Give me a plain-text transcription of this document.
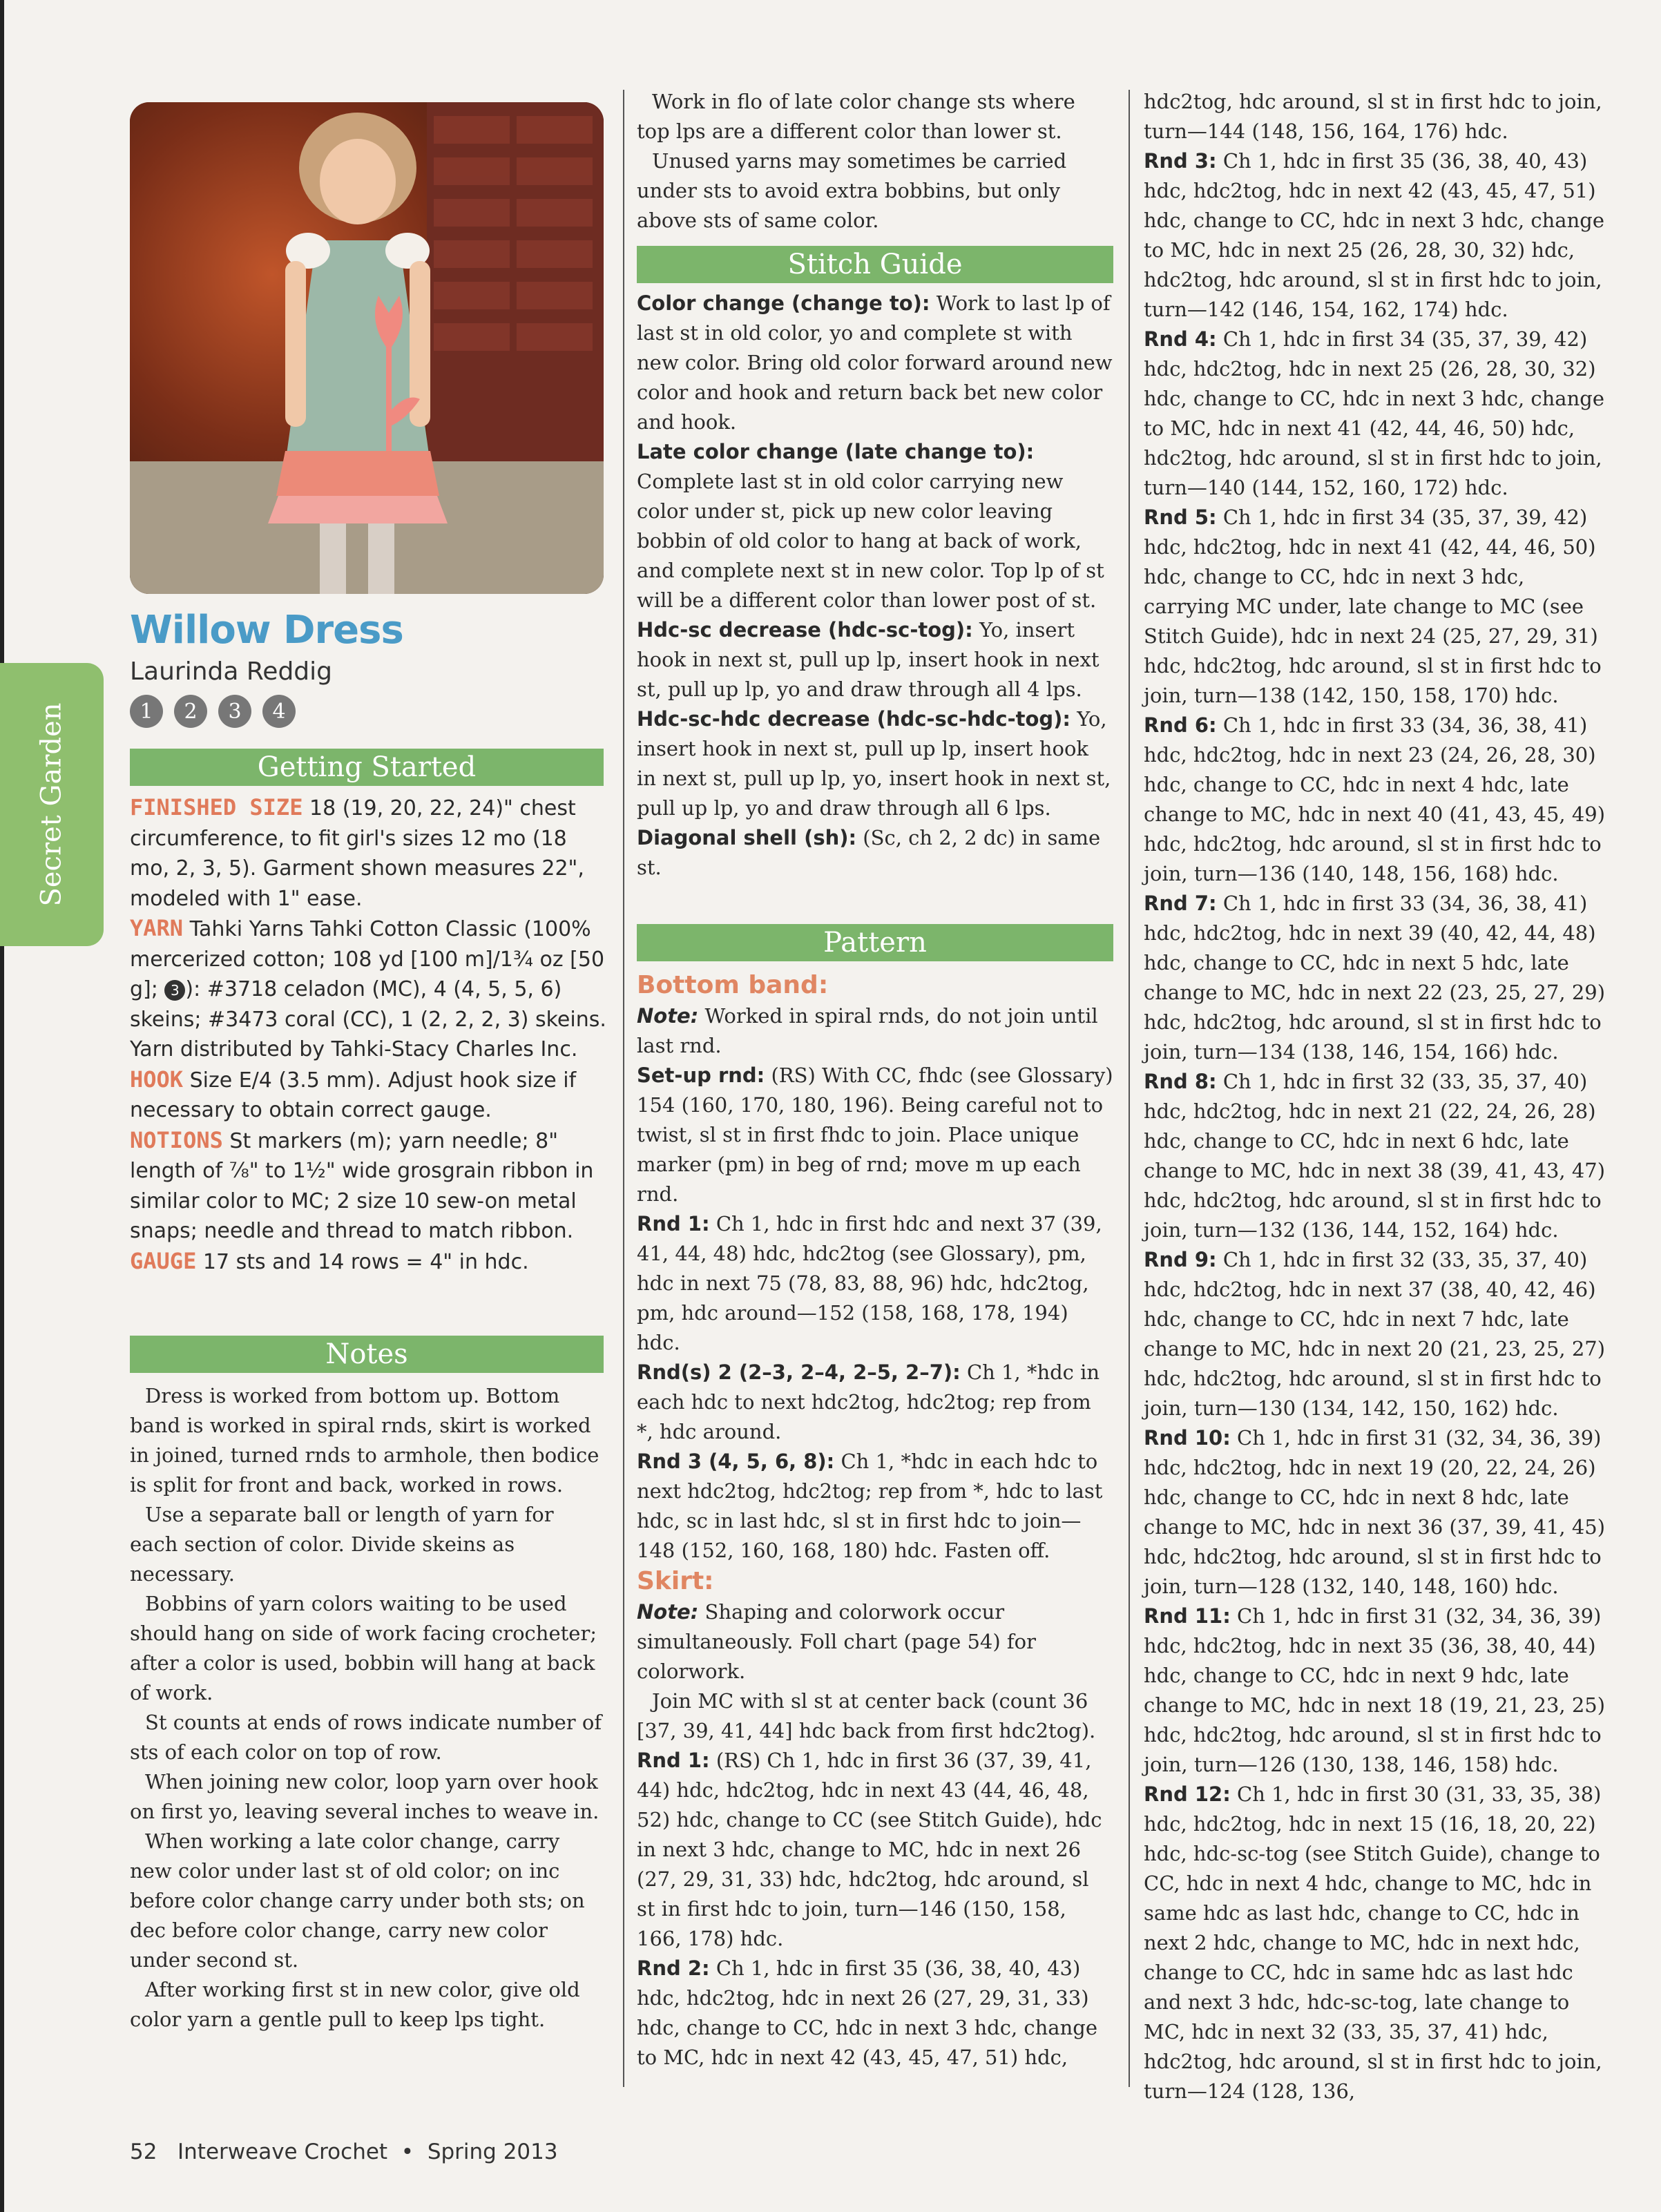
Secret Garden
Willow Dress
Laurinda Reddig
1	2	3	4
Getting Started

FINISHED SIZE 18 (19, 20, 22, 24)" chest circumference, to fit girl's sizes 12 mo (18 mo, 2, 3, 5). Garment shown measures 22", modeled with 1" ease.

YARN Tahki Yarns Tahki Cotton Classic (100% mercerized cotton; 108 yd [100 m]/1¾ oz [50 g]; 3 ): #3718 celadon (MC), 4 (4, 5, 5, 6) skeins; #3473 coral (CC), 1 (2, 2, 2, 3) skeins. Yarn distributed by Tahki-Stacy Charles Inc.

HOOK Size E/4 (3.5 mm). Adjust hook size if necessary to obtain correct gauge.

NOTIONS St markers (m); yarn needle; 8" length of ⅞" to 1½" wide grosgrain ribbon in similar color to MC; 2 size 10 sew-on metal snaps; needle and thread to match ribbon.

GAUGE 17 sts and 14 rows = 4" in hdc.

Notes

Dress is worked from bottom up. Bottom band is worked in spiral rnds, skirt is worked in joined, turned rnds to armhole, then bodice is split for front and back, worked in rows.

Use a separate ball or length of yarn for each section of color. Divide skeins as necessary.

Bobbins of yarn colors waiting to be used should hang on side of work facing crocheter; after a color is used, bobbin will hang at back of work.

St counts at ends of rows indicate number of sts of each color on top of row.

When joining new color, loop yarn over hook on first yo, leaving several inches to weave in.

When working a late color change, carry new color under last st of old color; on inc before color change carry under both sts; on dec before color change, carry new color under second st.

After working first st in new color, give old color yarn a gentle pull to keep lps tight.

Work in flo of late color change sts where top lps are a different color than lower st.

Unused yarns may sometimes be carried under sts to avoid extra bobbins, but only above sts of same color.

Stitch Guide

Color change (change to): Work to last lp of last st in old color, yo and complete st with new color. Bring old color forward around new color and hook and return back bet new color and hook.

Late color change (late change to): Complete last st in old color carrying new color under st, pick up new color leaving bobbin of old color to hang at back of work, and complete next st in new color. Top lp of st will be a different color than lower post of st.

Hdc-sc decrease (hdc-sc-tog): Yo, insert hook in next st, pull up lp, insert hook in next st, pull up lp, yo and draw through all 4 lps.

Hdc-sc-hdc decrease (hdc-sc-hdc-tog): Yo, insert hook in next st, pull up lp, insert hook in next st, pull up lp, yo, insert hook in next st, pull up lp, yo and draw through all 6 lps.

Diagonal shell (sh): (Sc, ch 2, 2 dc) in same st.

Pattern

Bottom band:

Note: Worked in spiral rnds, do not join until last rnd.

Set-up rnd: (RS) With CC, fhdc (see Glossary) 154 (160, 170, 180, 196). Being careful not to twist, sl st in first fhdc to join. Place unique marker (pm) in beg of rnd; move m up each rnd.

Rnd 1: Ch 1, hdc in first hdc and next 37 (39, 41, 44, 48) hdc, hdc2tog (see Glossary), pm, hdc in next 75 (78, 83, 88, 96) hdc, hdc2tog, pm, hdc around—152 (158, 168, 178, 194) hdc.

Rnd(s) 2 (2–3, 2–4, 2–5, 2–7): Ch 1, *hdc in each hdc to next hdc2tog, hdc2tog; rep from *, hdc around.

Rnd 3 (4, 5, 6, 8): Ch 1, *hdc in each hdc to next hdc2tog, hdc2tog; rep from *, hdc to last hdc, sc in last hdc, sl st in first hdc to join—148 (152, 160, 168, 180) hdc. Fasten off.

Skirt:

Note: Shaping and colorwork occur simultaneously. Foll chart (page 54) for colorwork.

Join MC with sl st at center back (count 36 [37, 39, 41, 44] hdc back from first hdc2tog).

Rnd 1: (RS) Ch 1, hdc in first 36 (37, 39, 41, 44) hdc, hdc2tog, hdc in next 43 (44, 46, 48, 52) hdc, change to CC (see Stitch Guide), hdc in next 3 hdc, change to MC, hdc in next 26 (27, 29, 31, 33) hdc, hdc2tog, hdc around, sl st in first hdc to join, turn—146 (150, 158, 166, 178) hdc.

Rnd 2: Ch 1, hdc in first 35 (36, 38, 40, 43) hdc, hdc2tog, hdc in next 26 (27, 29, 31, 33) hdc, change to CC, hdc in next 3 hdc, change to MC, hdc in next 42 (43, 45, 47, 51) hdc,

hdc2tog, hdc around, sl st in first hdc to join, turn—144 (148, 156, 164, 176) hdc.

Rnd 3: Ch 1, hdc in first 35 (36, 38, 40, 43) hdc, hdc2tog, hdc in next 42 (43, 45, 47, 51) hdc, change to CC, hdc in next 3 hdc, change to MC, hdc in next 25 (26, 28, 30, 32) hdc, hdc2tog, hdc around, sl st in first hdc to join, turn—142 (146, 154, 162, 174) hdc.

Rnd 4: Ch 1, hdc in first 34 (35, 37, 39, 42) hdc, hdc2tog, hdc in next 25 (26, 28, 30, 32) hdc, change to CC, hdc in next 3 hdc, change to MC, hdc in next 41 (42, 44, 46, 50) hdc, hdc2tog, hdc around, sl st in first hdc to join, turn—140 (144, 152, 160, 172) hdc.

Rnd 5: Ch 1, hdc in first 34 (35, 37, 39, 42) hdc, hdc2tog, hdc in next 41 (42, 44, 46, 50) hdc, change to CC, hdc in next 3 hdc, carrying MC under, late change to MC (see Stitch Guide), hdc in next 24 (25, 27, 29, 31) hdc, hdc2tog, hdc around, sl st in first hdc to join, turn—138 (142, 150, 158, 170) hdc.

Rnd 6: Ch 1, hdc in first 33 (34, 36, 38, 41) hdc, hdc2tog, hdc in next 23 (24, 26, 28, 30) hdc, change to CC, hdc in next 4 hdc, late change to MC, hdc in next 40 (41, 43, 45, 49) hdc, hdc2tog, hdc around, sl st in first hdc to join, turn—136 (140, 148, 156, 168) hdc.

Rnd 7: Ch 1, hdc in first 33 (34, 36, 38, 41) hdc, hdc2tog, hdc in next 39 (40, 42, 44, 48) hdc, change to CC, hdc in next 5 hdc, late change to MC, hdc in next 22 (23, 25, 27, 29) hdc, hdc2tog, hdc around, sl st in first hdc to join, turn—134 (138, 146, 154, 166) hdc.

Rnd 8: Ch 1, hdc in first 32 (33, 35, 37, 40) hdc, hdc2tog, hdc in next 21 (22, 24, 26, 28) hdc, change to CC, hdc in next 6 hdc, late change to MC, hdc in next 38 (39, 41, 43, 47) hdc, hdc2tog, hdc around, sl st in first hdc to join, turn—132 (136, 144, 152, 164) hdc.

Rnd 9: Ch 1, hdc in first 32 (33, 35, 37, 40) hdc, hdc2tog, hdc in next 37 (38, 40, 42, 46) hdc, change to CC, hdc in next 7 hdc, late change to MC, hdc in next 20 (21, 23, 25, 27) hdc, hdc2tog, hdc around, sl st in first hdc to join, turn—130 (134, 142, 150, 162) hdc.

Rnd 10: Ch 1, hdc in first 31 (32, 34, 36, 39) hdc, hdc2tog, hdc in next 19 (20, 22, 24, 26) hdc, change to CC, hdc in next 8 hdc, late change to MC, hdc in next 36 (37, 39, 41, 45) hdc, hdc2tog, hdc around, sl st in first hdc to join, turn—128 (132, 140, 148, 160) hdc.

Rnd 11: Ch 1, hdc in first 31 (32, 34, 36, 39) hdc, hdc2tog, hdc in next 35 (36, 38, 40, 44) hdc, change to CC, hdc in next 9 hdc, late change to MC, hdc in next 18 (19, 21, 23, 25) hdc, hdc2tog, hdc around, sl st in first hdc to join, turn—126 (130, 138, 146, 158) hdc.

Rnd 12: Ch 1, hdc in first 30 (31, 33, 35, 38) hdc, hdc2tog, hdc in next 15 (16, 18, 20, 22) hdc, hdc-sc-tog (see Stitch Guide), change to CC, hdc in next 4 hdc, change to MC, hdc in same hdc as last hdc, change to CC, hdc in next 2 hdc, change to MC, hdc in next hdc, change to CC, hdc in same hdc as last hdc and next 3 hdc, hdc-sc-tog, late change to MC, hdc in next 32 (33, 35, 37, 41) hdc, hdc2tog, hdc around, sl st in first hdc to join, turn—124 (128, 136,

52 Interweave Crochet • Spring 2013
